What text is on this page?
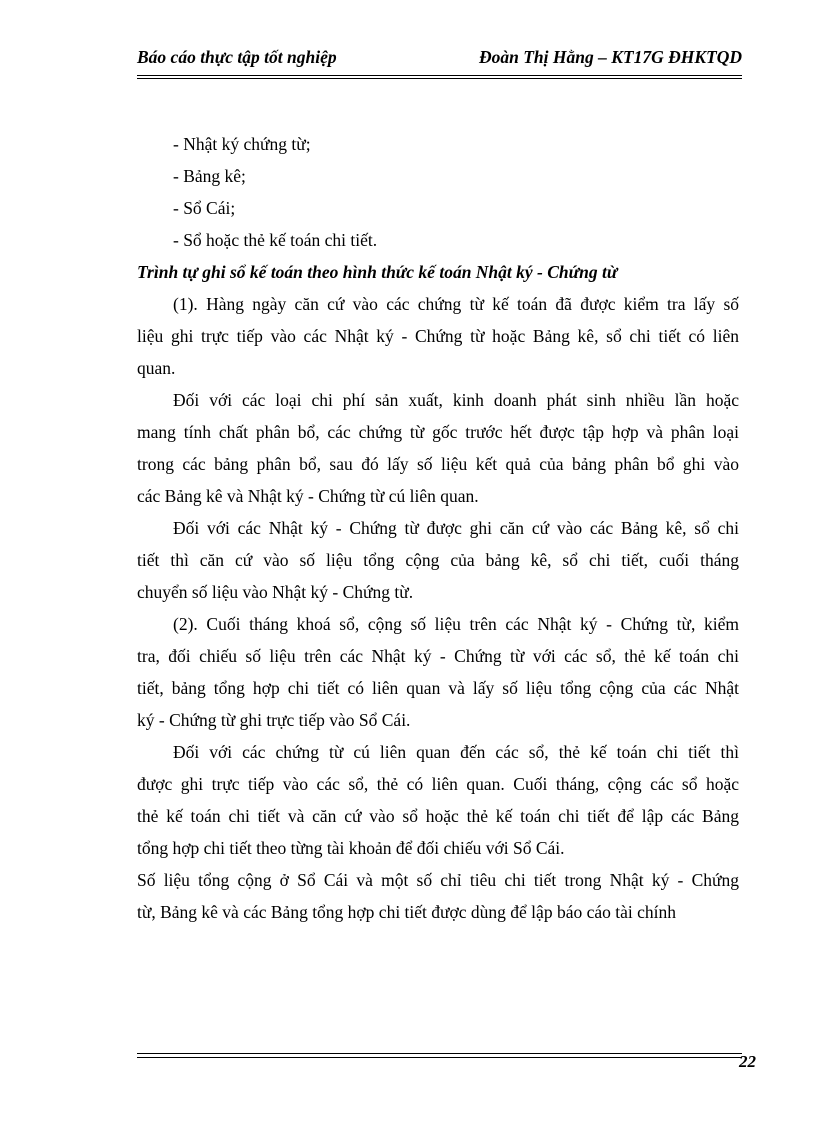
Báo cáo thực tập tốt nghiệp	Đoàn Thị Hằng – KT17G ĐHKTQD
- Nhật ký chứng từ;
- Bảng kê;
- Sổ Cái;
- Sổ hoặc thẻ kế toán chi tiết.
Trình tự ghi sổ kế toán theo hình thức kế toán Nhật ký - Chứng từ
(1). Hàng ngày căn cứ vào các chứng từ kế toán đã được kiểm tra lấy số
liệu ghi trực tiếp vào các Nhật ký - Chứng từ hoặc Bảng kê, sổ chi tiết có liên
quan.
Đối với các loại chi phí sản xuất, kinh doanh phát sinh nhiều lần hoặc
mang tính chất phân bổ, các chứng từ gốc trước hết được tập hợp và phân loại
trong các bảng phân bổ, sau đó lấy số liệu kết quả của bảng phân bổ ghi vào
các Bảng kê và Nhật ký - Chứng từ cú liên quan.
Đối với các Nhật ký - Chứng từ được ghi căn cứ vào các Bảng kê, sổ chi
tiết thì căn cứ vào số liệu tổng cộng của bảng kê, sổ chi tiết, cuối tháng
chuyển số liệu vào Nhật ký - Chứng từ.
(2). Cuối tháng khoá sổ, cộng số liệu trên các Nhật ký - Chứng từ, kiểm
tra, đối chiếu số liệu trên các Nhật ký - Chứng từ với các sổ, thẻ kế toán chi
tiết, bảng tổng hợp chi tiết có liên quan và lấy số liệu tổng cộng của các Nhật
ký - Chứng từ ghi trực tiếp vào Sổ Cái.
Đối với các chứng từ cú liên quan đến các sổ, thẻ kế toán chi tiết thì
được ghi trực tiếp vào các sổ, thẻ có liên quan. Cuối tháng, cộng các sổ hoặc
thẻ kế toán chi tiết và căn cứ vào sổ hoặc thẻ kế toán chi tiết để lập các Bảng
tổng hợp chi tiết theo từng tài khoản để đối chiếu với Sổ Cái.
Số liệu tổng cộng ở Sổ Cái và một số chỉ tiêu chi tiết trong Nhật ký - Chứng
từ, Bảng kê và các Bảng tổng hợp chi tiết được dùng để lập báo cáo tài chính
22
